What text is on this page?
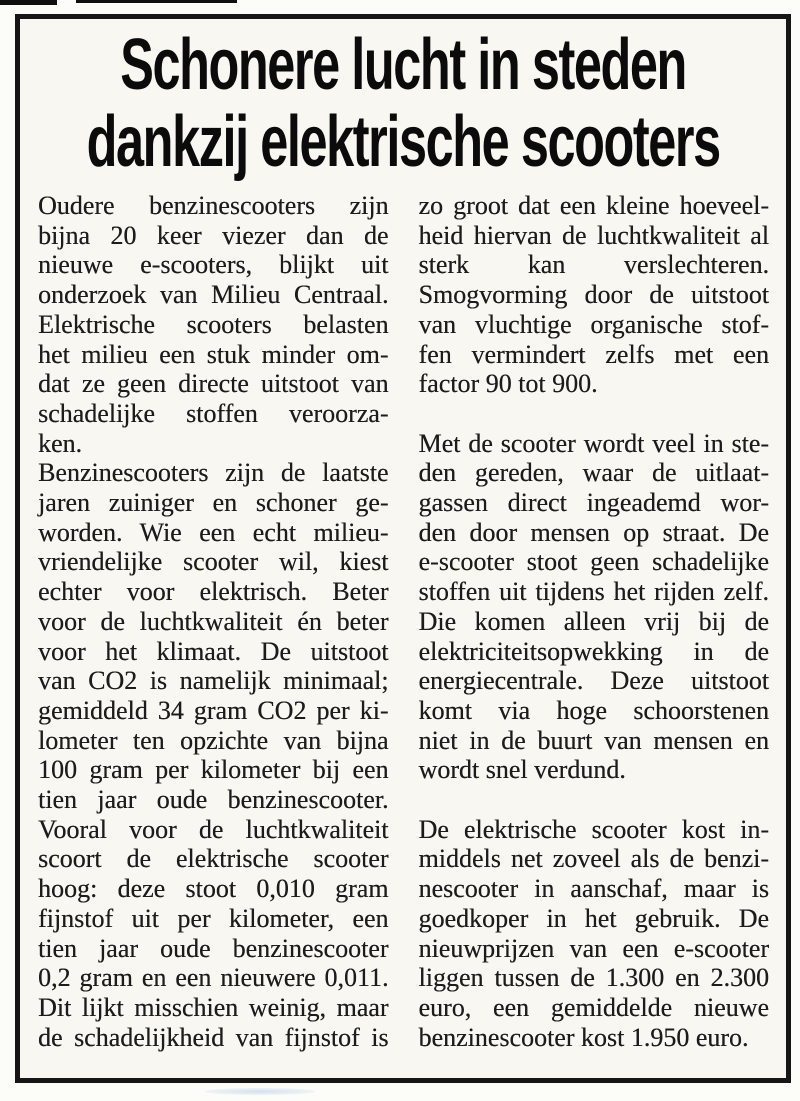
Schonere lucht in steden
dankzij elektrische scooters
Oudere benzinescooters zijn
bijna 20 keer viezer dan de
nieuwe e-scooters, blijkt uit
onderzoek van Milieu Centraal.
Elektrische scooters belasten
het milieu een stuk minder om-
dat ze geen directe uitstoot van
schadelijke stoffen veroorza-
ken.
Benzinescooters zijn de laatste
jaren zuiniger en schoner ge-
worden. Wie een echt milieu-
vriendelijke scooter wil, kiest
echter voor elektrisch. Beter
voor de luchtkwaliteit én beter
voor het klimaat. De uitstoot
van CO2 is namelijk minimaal;
gemiddeld 34 gram CO2 per ki-
lometer ten opzichte van bijna
100 gram per kilometer bij een
tien jaar oude benzinescooter.
Vooral voor de luchtkwaliteit
scoort de elektrische scooter
hoog: deze stoot 0,010 gram
fijnstof uit per kilometer, een
tien jaar oude benzinescooter
0,2 gram en een nieuwere 0,011.
Dit lijkt misschien weinig, maar
de schadelijkheid van fijnstof is
zo groot dat een kleine hoeveel-
heid hiervan de luchtkwaliteit al
sterk kan verslechteren.
Smogvorming door de uitstoot
van vluchtige organische stof-
fen vermindert zelfs met een
factor 90 tot 900.
Met de scooter wordt veel in ste-
den gereden, waar de uitlaat-
gassen direct ingeademd wor-
den door mensen op straat. De
e-scooter stoot geen schadelijke
stoffen uit tijdens het rijden zelf.
Die komen alleen vrij bij de
elektriciteitsopwekking in de
energiecentrale. Deze uitstoot
komt via hoge schoorstenen
niet in de buurt van mensen en
wordt snel verdund.
De elektrische scooter kost in-
middels net zoveel als de benzi-
nescooter in aanschaf, maar is
goedkoper in het gebruik. De
nieuwprijzen van een e-scooter
liggen tussen de 1.300 en 2.300
euro, een gemiddelde nieuwe
benzinescooter kost 1.950 euro.
